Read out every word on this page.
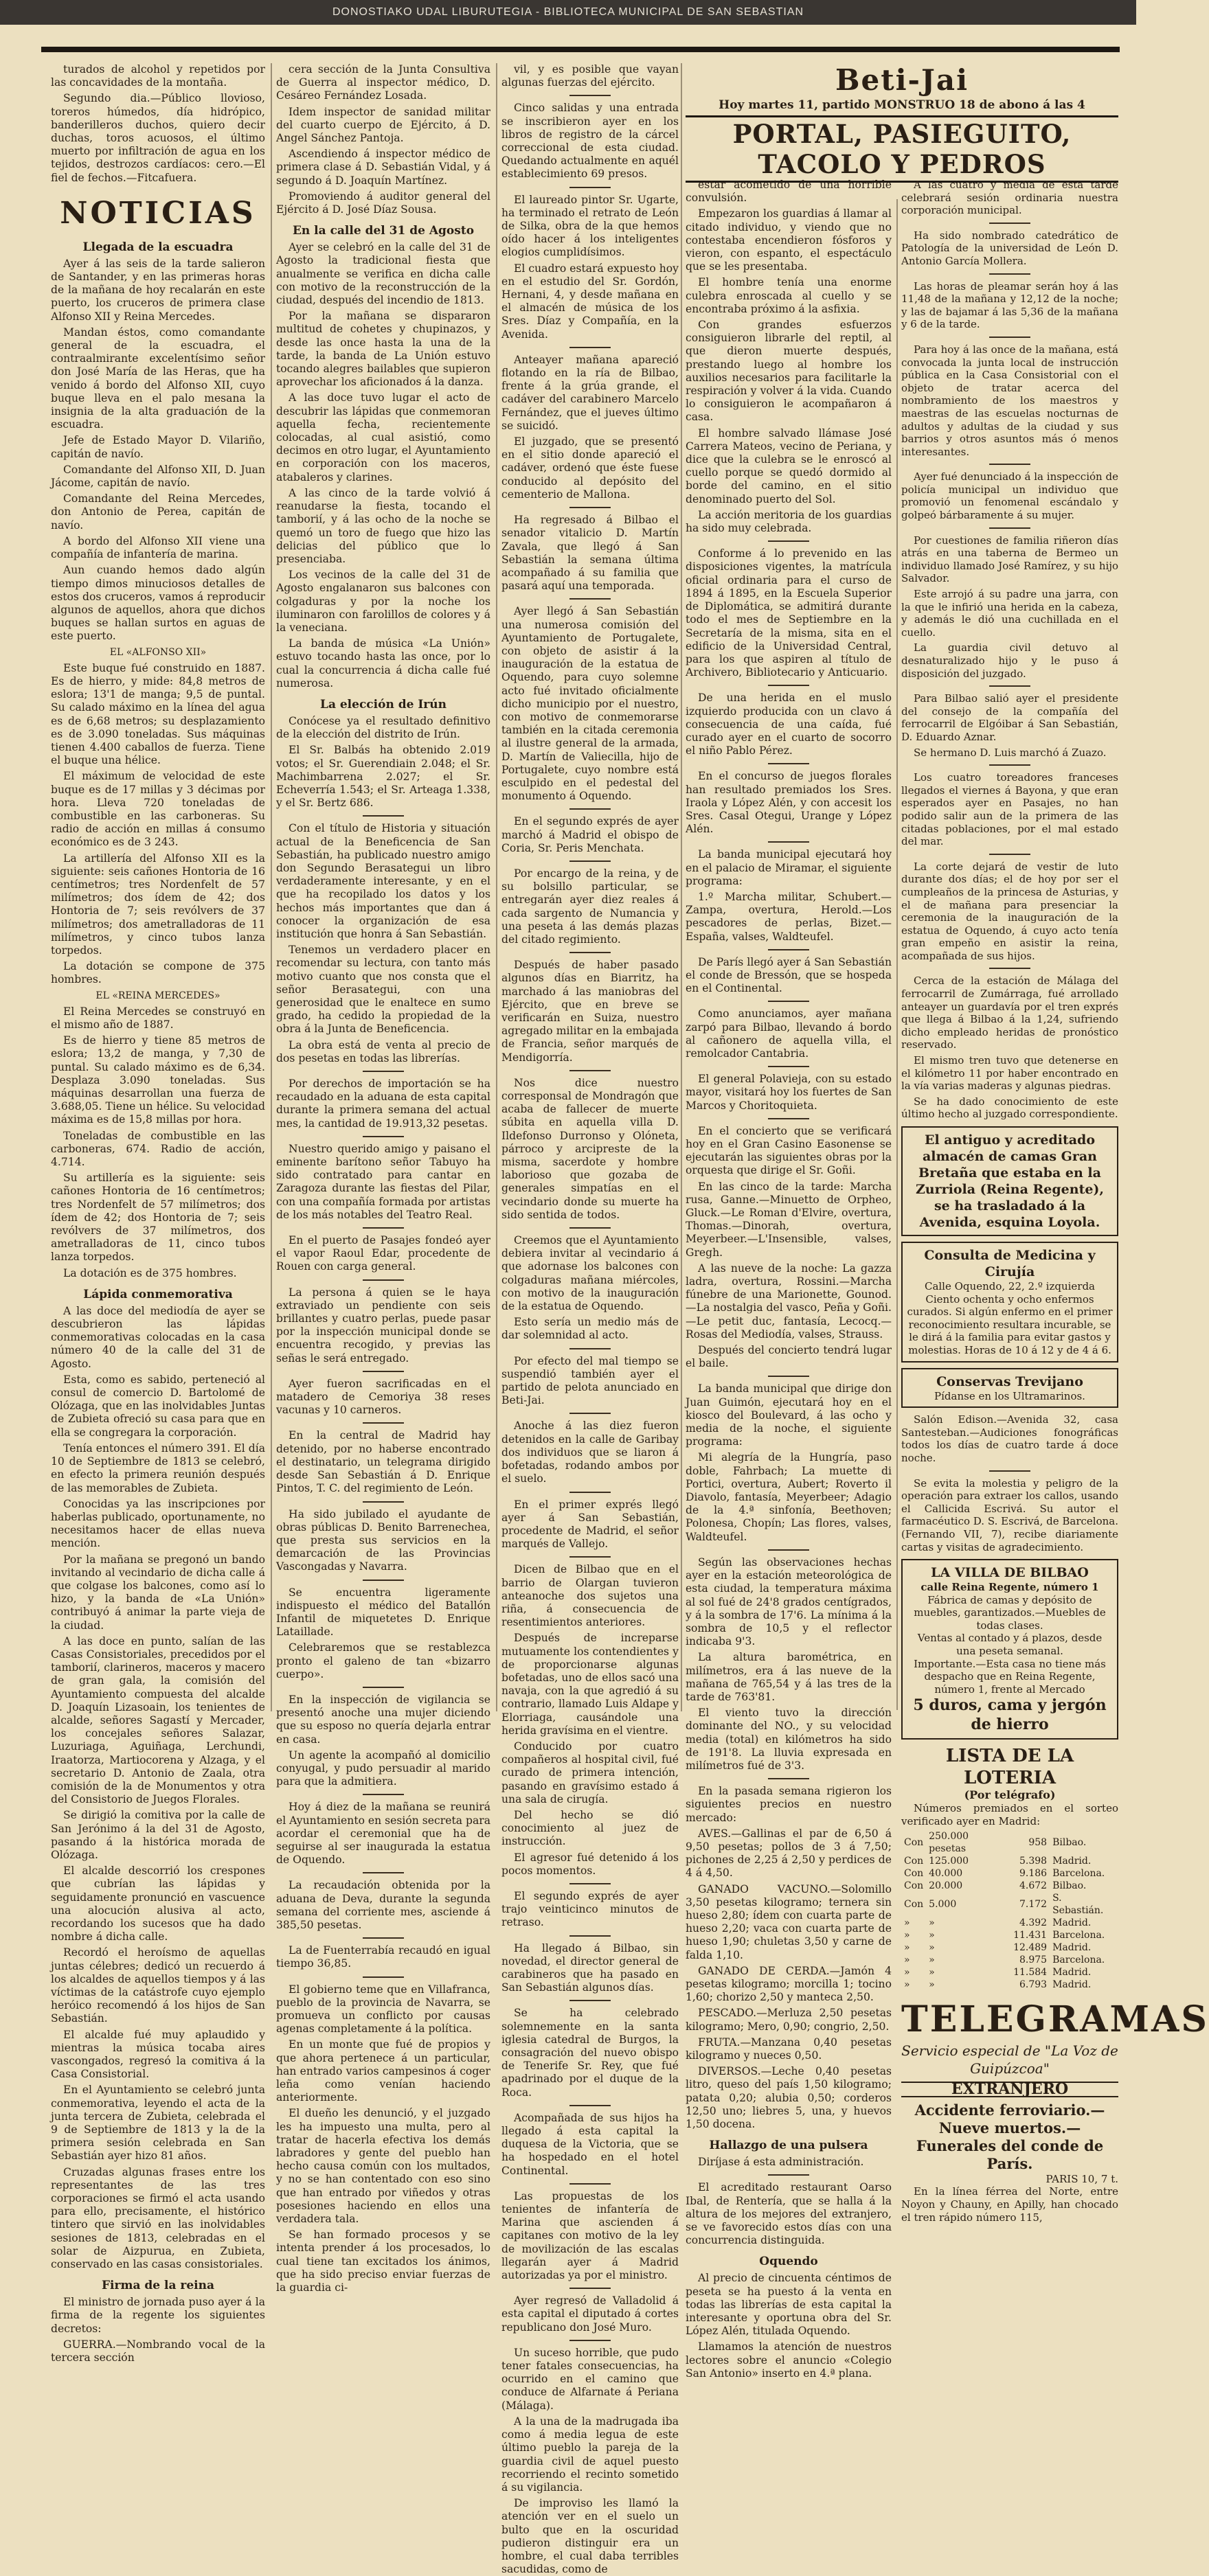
DONOSTIAKO UDAL LIBURUTEGIA - BIBLIOTECA MUNICIPAL DE SAN SEBASTIAN

turados de alcohol y repetidos por las concavidades de la montaña.

Segundo dia.—Público llovioso, toreros húmedos, día hidrópico, banderilleros duchos, quiero decir duchas, toros acuosos, el último muerto por infiltración de agua en los tejidos, destrozos cardíacos: cero.—El fiel de fechos.—Fitcafuera.

NOTICIAS
Llegada de la escuadra

Ayer á las seis de la tarde salieron de Santander, y en las primeras horas de la mañana de hoy recalarán en este puerto, los cruceros de primera clase Alfonso XII y Reina Mercedes.

Mandan éstos, como comandante general de la escuadra, el contraalmirante excelentísimo señor don José María de las Heras, que ha venido á bordo del Alfonso XII, cuyo buque lleva en el palo mesana la insignia de la alta graduación de la escuadra.

Jefe de Estado Mayor D. Vilariño, capitán de navío.

Comandante del Alfonso XII, D. Juan Jácome, capitán de navío.

Comandante del Reina Mercedes, don Antonio de Perea, capitán de navío.

A bordo del Alfonso XII viene una compañía de infantería de marina.

Aun cuando hemos dado algún tiempo dimos minuciosos detalles de estos dos cruceros, vamos á reproducir algunos de aquellos, ahora que dichos buques se hallan surtos en aguas de este puerto.

EL «ALFONSO XII»

Este buque fué construido en 1887. Es de hierro, y mide: 84,8 metros de eslora; 13'1 de manga; 9,5 de puntal. Su calado máximo en la línea del agua es de 6,68 metros; su desplazamiento es de 3.090 toneladas. Sus máquinas tienen 4.400 caballos de fuerza. Tiene el buque una hélice.

El máximum de velocidad de este buque es de 17 millas y 3 décimas por hora. Lleva 720 toneladas de combustible en las carboneras. Su radio de acción en millas á consumo económico es de 3 243.

La artillería del Alfonso XII es la siguiente: seis cañones Hontoria de 16 centímetros; tres Nordenfelt de 57 milímetros; dos ídem de 42; dos Hontoria de 7; seis revólvers de 37 milímetros; dos ametralladoras de 11 milímetros, y cinco tubos lanza torpedos.

La dotación se compone de 375 hombres.

EL «REINA MERCEDES»

El Reina Mercedes se construyó en el mismo año de 1887.

Es de hierro y tiene 85 metros de eslora; 13,2 de manga, y 7,30 de puntal. Su calado máximo es de 6,34. Desplaza 3.090 toneladas. Sus máquinas desarrollan una fuerza de 3.688,05. Tiene un hélice. Su velocidad máxima es de 15,8 millas por hora.

Toneladas de combustible en las carboneras, 674. Radio de acción, 4.714.

Su artillería es la siguiente: seis cañones Hontoria de 16 centímetros; tres Nordenfelt de 57 milímetros; dos ídem de 42; dos Hontoria de 7; seis revólvers de 37 milímetros, dos ametralladoras de 11, cinco tubos lanza torpedos.

La dotación es de 375 hombres.

Lápida conmemorativa

A las doce del mediodía de ayer se descubrieron las lápidas conmemorativas colocadas en la casa número 40 de la calle del 31 de Agosto.

Esta, como es sabido, perteneció al consul de comercio D. Bartolomé de Olózaga, que en las inolvidables Juntas de Zubieta ofreció su casa para que en ella se congregara la corporación.

Tenía entonces el número 391. El día 10 de Septiembre de 1813 se celebró, en efecto la primera reunión después de las memorables de Zubieta.

Conocidas ya las inscripciones por haberlas publicado, oportunamente, no necesitamos hacer de ellas nueva mención.

Por la mañana se pregonó un bando invitando al vecindario de dicha calle á que colgase los balcones, como así lo hizo, y la banda de «La Unión» contribuyó á animar la parte vieja de la ciudad.

A las doce en punto, salían de las Casas Consistoriales, precedidos por el tamborií, clarineros, maceros y macero de gran gala, la comisión del Ayuntamiento compuesta del alcalde D. Joaquín Lizasoain, los tenientes de alcalde, señores Sagastí y Mercader, los concejales señores Salazar, Luzuriaga, Aguiñaga, Lerchundi, Iraatorza, Martiocorena y Alzaga, y el secretario D. Antonio de Zaala, otra comisión de la de Monumentos y otra del Consistorio de Juegos Florales.

Se dirigió la comitiva por la calle de San Jerónimo á la del 31 de Agosto, pasando á la histórica morada de Olózaga.

El alcalde descorrió los crespones que cubrían las lápidas y seguidamente pronunció en vascuence una alocución alusiva al acto, recordando los sucesos que ha dado nombre á dicha calle.

Recordó el heroísmo de aquellas juntas célebres; dedicó un recuerdo á los alcaldes de aquellos tiempos y á las víctimas de la catástrofe cuyo ejemplo heróico recomendó á los hijos de San Sebastián.

El alcalde fué muy aplaudido y mientras la música tocaba aires vascongados, regresó la comitiva á la Casa Consistorial.

En el Ayuntamiento se celebró junta conmemorativa, leyendo el acta de la junta tercera de Zubieta, celebrada el 9 de Septiembre de 1813 y la de la primera sesión celebrada en San Sebastián ayer hizo 81 años.

Cruzadas algunas frases entre los representantes de las tres corporaciones se firmó el acta usando para ello, precisamente, el histórico tintero que sirvió en las inolvidables sesiones de 1813, celebradas en el solar de Aizpurua, en Zubieta, conservado en las casas consistoriales.

Firma de la reina

El ministro de jornada puso ayer á la firma de la regente los siguientes decretos:

GUERRA.—Nombrando vocal de la tercera sección

cera sección de la Junta Consultiva de Guerra al inspector médico, D. Cesáreo Fernández Losada.

Idem inspector de sanidad militar del cuarto cuerpo de Ejército, á D. Angel Sánchez Pantoja.

Ascendiendo á inspector médico de primera clase á D. Sebastián Vidal, y á segundo á D. Joaquín Martínez.

Promoviendo á auditor general del Ejército á D. José Díaz Sousa.

En la calle del 31 de Agosto

Ayer se celebró en la calle del 31 de Agosto la tradicional fiesta que anualmente se verifica en dicha calle con motivo de la reconstrucción de la ciudad, después del incendio de 1813.

Por la mañana se dispararon multitud de cohetes y chupinazos, y desde las once hasta la una de la tarde, la banda de La Unión estuvo tocando alegres bailables que supieron aprovechar los aficionados á la danza.

A las doce tuvo lugar el acto de descubrir las lápidas que conmemoran aquella fecha, recientemente colocadas, al cual asistió, como decimos en otro lugar, el Ayuntamiento en corporación con los maceros, atabaleros y clarines.

A las cinco de la tarde volvió á reanudarse la fiesta, tocando el tamborií, y á las ocho de la noche se quemó un toro de fuego que hizo las delicias del público que lo presenciaba.

Los vecinos de la calle del 31 de Agosto engalanaron sus balcones con colgaduras y por la noche los iluminaron con farolillos de colores y á la veneciana.

La banda de música «La Unión» estuvo tocando hasta las once, por lo cual la concurrencia á dicha calle fué numerosa.

La elección de Irún

Conócese ya el resultado definitivo de la elección del distrito de Irún.

El Sr. Balbás ha obtenido 2.019 votos; el Sr. Guerendiain 2.048; el Sr. Machimbarrena 2.027; el Sr. Echeverría 1.543; el Sr. Arteaga 1.338, y el Sr. Bertz 686.

Con el título de Historia y situación actual de la Beneficencia de San Sebastián, ha publicado nuestro amigo don Segundo Berasategui un libro verdaderamente interesante, y en el que ha recopilado los datos y los hechos más importantes que dan á conocer la organización de esa institución que honra á San Sebastián.

Tenemos un verdadero placer en recomendar su lectura, con tanto más motivo cuanto que nos consta que el señor Berasategui, con una generosidad que le enaltece en sumo grado, ha cedido la propiedad de la obra á la Junta de Beneficencia.

La obra está de venta al precio de dos pesetas en todas las librerías.

Por derechos de importación se ha recaudado en la aduana de esta capital durante la primera semana del actual mes, la cantidad de 19.913,32 pesetas.

Nuestro querido amigo y paisano el eminente barítono señor Tabuyo ha sido contratado para cantar en Zaragoza durante las fiestas del Pilar, con una compañía formada por artistas de los más notables del Teatro Real.

En el puerto de Pasajes fondeó ayer el vapor Raoul Edar, procedente de Rouen con carga general.

La persona á quien se le haya extraviado un pendiente con seis brillantes y cuatro perlas, puede pasar por la inspección municipal donde se encuentra recogido, y previas las señas le será entregado.

Ayer fueron sacrificadas en el matadero de Cemoriya 38 reses vacunas y 10 carneros.

En la central de Madrid hay detenido, por no haberse encontrado el destinatario, un telegrama dirigido desde San Sebastián á D. Enrique Pintos, T. C. del regimiento de León.

Ha sido jubilado el ayudante de obras públicas D. Benito Barrenechea, que presta sus servicios en la demarcación de las Provincias Vascongadas y Navarra.

Se encuentra ligeramente indispuesto el médico del Batallón Infantil de miquetetes D. Enrique Lataillade.

Celebraremos que se restablezca pronto el galeno de tan «bizarro cuerpo».

En la inspección de vigilancia se presentó anoche una mujer diciendo que su esposo no quería dejarla entrar en casa.

Un agente la acompañó al domicilio conyugal, y pudo persuadir al marido para que la admitiera.

Hoy á diez de la mañana se reunirá el Ayuntamiento en sesión secreta para acordar el ceremonial que ha de seguirse al ser inaugurada la estatua de Oquendo.

La recaudación obtenida por la aduana de Deva, durante la segunda semana del corriente mes, asciende á 385,50 pesetas.

La de Fuenterrabía recaudó en igual tiempo 36,85.

El gobierno teme que en Villafranca, pueblo de la provincia de Navarra, se promueva un conflicto por causas agenas completamente á la política.

En un monte que fué de propios y que ahora pertenece á un particular, han entrado varios campesinos á coger leña como venían haciendo anteriormente.

El dueño les denunció, y el juzgado les ha impuesto una multa, pero al tratar de hacerla efectiva los demás labradores y gente del pueblo han hecho causa común con los multados, y no se han contentado con eso sino que han entrado por viñedos y otras posesiones haciendo en ellos una verdadera tala.

Se han formado procesos y se intenta prender á los procesados, lo cual tiene tan excitados los ánimos, que ha sido preciso enviar fuerzas de la guardia ci-

vil, y es posible que vayan algunas fuerzas del ejército.

Cinco salidas y una entrada se inscribieron ayer en los libros de registro de la cárcel correccional de esta ciudad. Quedando actualmente en aquél establecimiento 69 presos.

El laureado pintor Sr. Ugarte, ha terminado el retrato de León de Silka, obra de la que hemos oído hacer á los inteligentes elogios cumplidísimos.

El cuadro estará expuesto hoy en el estudio del Sr. Gordón, Hernani, 4, y desde mañana en el almacén de música de los Sres. Díaz y Compañía, en la Avenida.

Anteayer mañana apareció flotando en la ría de Bilbao, frente á la grúa grande, el cadáver del carabinero Marcelo Fernández, que el jueves último se suicidó.

El juzgado, que se presentó en el sitio donde apareció el cadáver, ordenó que éste fuese conducido al depósito del cementerio de Mallona.

Ha regresado á Bilbao el senador vitalicio D. Martín Zavala, que llegó á San Sebastián la semana última acompañado á su familia que pasará aquí una temporada.

Ayer llegó á San Sebastián una numerosa comisión del Ayuntamiento de Portugalete, con objeto de asistir á la inauguración de la estatua de Oquendo, para cuyo solemne acto fué invitado oficialmente dicho municipio por el nuestro, con motivo de conmemorarse también en la citada ceremonia al ilustre general de la armada, D. Martín de Valiecilla, hijo de Portugalete, cuyo nombre está esculpido en el pedestal del monumento á Oquendo.

En el segundo exprés de ayer marchó á Madrid el obispo de Coria, Sr. Peris Menchata.

Por encargo de la reina, y de su bolsillo particular, se entregarán ayer diez reales á cada sargento de Numancia y una peseta á las demás plazas del citado regimiento.

Después de haber pasado algunos días en Biarritz, ha marchado á las maniobras del Ejército, que en breve se verificarán en Suiza, nuestro agregado militar en la embajada de Francia, señor marqués de Mendigorría.

Nos dice nuestro corresponsal de Mondragón que acaba de fallecer de muerte súbita en aquella villa D. Ildefonso Durronso y Olóneta, párroco y arcipreste de la misma, sacerdote y hombre laborioso que gozaba de generales simpatías en el vecindario donde su muerte ha sido sentida de todos.

Creemos que el Ayuntamiento debiera invitar al vecindario á que adornase los balcones con colgaduras mañana miércoles, con motivo de la inauguración de la estatua de Oquendo.

Esto sería un medio más de dar solemnidad al acto.

Por efecto del mal tiempo se suspendió también ayer el partido de pelota anunciado en Beti-Jai.

Anoche á las diez fueron detenidos en la calle de Garibay dos individuos que se liaron á bofetadas, rodando ambos por el suelo.

En el primer exprés llegó ayer á San Sebastián, procedente de Madrid, el señor marqués de Vallejo.

Dicen de Bilbao que en el barrio de Olargan tuvieron anteanoche dos sujetos una riña, á consecuencia de resentimientos anteriores.

Después de increparse mutuamente los contendientes y de proporcionarse algunas bofetadas, uno de ellos sacó una navaja, con la que agredió á su contrario, llamado Luis Aldape y Elorriaga, causándole una herida gravísima en el vientre.

Conducido por cuatro compañeros al hospital civil, fué curado de primera intención, pasando en gravísimo estado á una sala de cirugía.

Del hecho se dió conocimiento al juez de instrucción.

El agresor fué detenido á los pocos momentos.

El segundo exprés de ayer trajo veinticinco minutos de retraso.

Ha llegado á Bilbao, sin novedad, el director general de carabineros que ha pasado en San Sebastián algunos días.

Se ha celebrado solemnemente en la santa iglesia catedral de Burgos, la consagración del nuevo obispo de Tenerife Sr. Rey, que fué apadrinado por el duque de la Roca.

Acompañada de sus hijos ha llegado á esta capital la duquesa de la Victoria, que se ha hospedado en el hotel Continental.

Las propuestas de los tenientes de infantería de Marina que ascienden á capitanes con motivo de la ley de movilización de las escalas llegarán ayer á Madrid autorizadas ya por el ministro.

Ayer regresó de Valladolid á esta capital el diputado á cortes republicano don José Muro.

Un suceso horrible, que pudo tener fatales consecuencias, ha ocurrido en el camino que conduce de Alfarnate á Periana (Málaga).

A la una de la madrugada iba como á media legua de este último pueblo la pareja de la guardia civil de aquel puesto recorriendo el recinto sometido á su vigilancia.

De improviso les llamó la atención ver en el suelo un bulto que en la oscuridad pudieron distinguir era un hombre, el cual daba terribles sacudidas, como de

Beti-Jai
Hoy martes 11, partido MONSTRUO 18 de abono á las 4
PORTAL, PASIEGUITO, TACOLO Y PEDROS

estar acometido de una horrible convulsión.

Empezaron los guardias á llamar al citado individuo, y viendo que no contestaba encendieron fósforos y vieron, con espanto, el espectáculo que se les presentaba.

El hombre tenía una enorme culebra enroscada al cuello y se encontraba próximo á la asfixia.

Con grandes esfuerzos consiguieron librarle del reptil, al que dieron muerte después, prestando luego al hombre los auxilios necesarios para facilitarle la respiración y volver á la vida. Cuando lo consiguieron le acompañaron á casa.

El hombre salvado llámase José Carrera Mateos, vecino de Periana, y dice que la culebra se le enroscó al cuello porque se quedó dormido al borde del camino, en el sitio denominado puerto del Sol.

La acción meritoria de los guardias ha sido muy celebrada.

Conforme á lo prevenido en las disposiciones vigentes, la matrícula oficial ordinaria para el curso de 1894 á 1895, en la Escuela Superior de Diplomática, se admitirá durante todo el mes de Septiembre en la Secretaría de la misma, sita en el edificio de la Universidad Central, para los que aspiren al título de Archivero, Bibliotecario y Anticuario.

De una herida en el muslo izquierdo producida con un clavo á consecuencia de una caída, fué curado ayer en el cuarto de socorro el niño Pablo Pérez.

En el concurso de juegos florales han resultado premiados los Sres. Iraola y López Alén, y con accesit los Sres. Casal Otegui, Urange y López Alén.

La banda municipal ejecutará hoy en el palacio de Miramar, el siguiente programa:

1.º Marcha militar, Schubert.—Zampa, overtura, Herold.—Los pescadores de perlas, Bizet.—España, valses, Waldteufel.

De París llegó ayer á San Sebastián el conde de Bressón, que se hospeda en el Continental.

Como anunciamos, ayer mañana zarpó para Bilbao, llevando á bordo al cañonero de aquella villa, el remolcador Cantabria.

El general Polavieja, con su estado mayor, visitará hoy los fuertes de San Marcos y Choritoquieta.

En el concierto que se verificará hoy en el Gran Casino Easonense se ejecutarán las siguientes obras por la orquesta que dirige el Sr. Goñi.

En las cinco de la tarde: Marcha rusa, Ganne.—Minuetto de Orpheo, Gluck.—Le Roman d'Elvire, overtura, Thomas.—Dinorah, overtura, Meyerbeer.—L'Insensible, valses, Gregh.

A las nueve de la noche: La gazza ladra, overtura, Rossini.—Marcha fúnebre de una Marionette, Gounod.—La nostalgia del vasco, Peña y Goñi.—Le petit duc, fantasía, Lecocq.—Rosas del Mediodía, valses, Strauss.

Después del concierto tendrá lugar el baile.

La banda municipal que dirige don Juan Guimón, ejecutará hoy en el kiosco del Boulevard, á las ocho y media de la noche, el siguiente programa:

Mi alegría de la Hungría, paso doble, Fahrbach; La muette di Portici, overtura, Aubert; Roverto il Diavolo, fantasía, Meyerbeer; Adagio de la 4.ª sinfonía, Beethoven; Polonesa, Chopín; Las flores, valses, Waldteufel.

Según las observaciones hechas ayer en la estación meteorológica de esta ciudad, la temperatura máxima al sol fué de 24'8 grados centígrados, y á la sombra de 17'6. La mínima á la sombra de 10,5 y el reflector indicaba 9'3.

La altura barométrica, en milímetros, era á las nueve de la mañana de 765,54 y á las tres de la tarde de 763'81.

El viento tuvo la dirección dominante del NO., y su velocidad media (total) en kilómetros ha sido de 191'8. La lluvia expresada en milímetros fué de 3'3.

En la pasada semana rigieron los siguientes precios en nuestro mercado:

AVES.—Gallinas el par de 6,50 á 9,50 pesetas; pollos de 3 á 7,50; pichones de 2,25 á 2,50 y perdices de 4 á 4,50.

GANADO VACUNO.—Solomillo 3,50 pesetas kilogramo; ternera sin hueso 2,80; ídem con cuarta parte de hueso 2,20; vaca con cuarta parte de hueso 1,90; chuletas 3,50 y carne de falda 1,10.

GANADO DE CERDA.—Jamón 4 pesetas kilogramo; morcilla 1; tocino 1,60; chorizo 2,50 y manteca 2,50.

PESCADO.—Merluza 2,50 pesetas kilogramo; Mero, 0,90; congrio, 2,50.

FRUTA.—Manzana 0,40 pesetas kilogramo y nueces 0,50.

DIVERSOS.—Leche 0,40 pesetas litro, queso del país 1,50 kilogramo; patata 0,20; alubia 0,50; corderos 12,50 uno; liebres 5, una, y huevos 1,50 docena.

Hallazgo de una pulsera

Diríjase á esta administración.

El acreditado restaurant Oarso Ibal, de Rentería, que se halla á la altura de los mejores del extranjero, se ve favorecido estos días con una concurrencia distinguida.

Oquendo

Al precio de cincuenta céntimos de peseta se ha puesto á la venta en todas las librerías de esta capital la interesante y oportuna obra del Sr. López Alén, titulada Oquendo.

Llamamos la atención de nuestros lectores sobre el anuncio «Colegio San Antonio» inserto en 4.ª plana.

A las cuatro y media de esta tarde celebrará sesión ordinaria nuestra corporación municipal.

Ha sido nombrado catedrático de Patología de la universidad de León D. Antonio García Mollera.

Las horas de pleamar serán hoy á las 11,48 de la mañana y 12,12 de la noche; y las de bajamar á las 5,36 de la mañana y 6 de la tarde.

Para hoy á las once de la mañana, está convocada la junta local de instrucción pública en la Casa Consistorial con el objeto de tratar acerca del nombramiento de los maestros y maestras de las escuelas nocturnas de adultos y adultas de la ciudad y sus barrios y otros asuntos más ó menos interesantes.

Ayer fué denunciado á la inspección de policía municipal un individuo que promovió un fenomenal escándalo y golpeó bárbaramente á su mujer.

Por cuestiones de familia riñeron días atrás en una taberna de Bermeo un individuo llamado José Ramírez, y su hijo Salvador.

Este arrojó á su padre una jarra, con la que le infirió una herida en la cabeza, y además le dió una cuchillada en el cuello.

La guardia civil detuvo al desnaturalizado hijo y le puso á disposición del juzgado.

Para Bilbao salió ayer el presidente del consejo de la compañía del ferrocarril de Elgóibar á San Sebastián, D. Eduardo Aznar.

Se hermano D. Luis marchó á Zuazo.

Los cuatro toreadores franceses llegados el viernes á Bayona, y que eran esperados ayer en Pasajes, no han podido salir aun de la primera de las citadas poblaciones, por el mal estado del mar.

La corte dejará de vestir de luto durante dos días; el de hoy por ser el cumpleaños de la princesa de Asturias, y el de mañana para presenciar la ceremonia de la inauguración de la estatua de Oquendo, á cuyo acto tenía gran empeño en asistir la reina, acompañada de sus hijos.

Cerca de la estación de Málaga del ferrocarril de Zumárraga, fué arrollado anteayer un guardavía por el tren exprés que llega á Bilbao á la 1,24, sufriendo dicho empleado heridas de pronóstico reservado.

El mismo tren tuvo que detenerse en el kilómetro 11 por haber encontrado en la vía varias maderas y algunas piedras.

Se ha dado conocimiento de este último hecho al juzgado correspondiente.

El antiguo y acreditado almacén de camas Gran Bretaña que estaba en la Zurriola (Reina Regente), se ha trasladado á la Avenida, esquina Loyola.
Consulta de Medicina y Cirujía
Calle Oquendo, 22, 2.º izquierda
Ciento ochenta y ocho enfermos curados. Si algún enfermo en el primer reconocimiento resultara incurable, se le dirá á la familia para evitar gastos y molestias. Horas de 10 á 12 y de 4 á 6.
Conservas Trevijano
Pídanse en los Ultramarinos.

Salón Edison.—Avenida 32, casa Santesteban.—Audiciones fonográficas todos los días de cuatro tarde á doce noche.

Se evita la molestia y peligro de la operación para extraer los callos, usando el Callicida Escrivá. Su autor el farmacéutico D. S. Escrivá, de Barcelona. (Fernando VII, 7), recibe diariamente cartas y visitas de agradecimiento.

LA VILLA DE BILBAO
calle Reina Regente, número 1
Fábrica de camas y depósito de muebles, garantizados.—Muebles de todas clases.
Ventas al contado y á plazos, desde una peseta semanal.
Importante.—Esta casa no tiene más despacho que en Reina Regente, número 1, frente al Mercado
5 duros, cama y jergón de hierro
LISTA DE LA LOTERIA
(Por telégrafo)

Números premiados en el sorteo verificado ayer en Madrid:

Con	250.000 pesetas	958	Bilbao.
Con	125.000	5.398	Madrid.
Con	40.000	9.186	Barcelona.
Con	20.000	4.672	Bilbao.
Con	5.000	7.172	S. Sebastián.
»	»	4.392	Madrid.
»	»	11.431	Barcelona.
»	»	12.489	Madrid.
»	»	8.975	Barcelona.
»	»	11.584	Madrid.
»	»	6.793	Madrid.
TELEGRAMAS
Servicio especial de "La Voz de Guipúzcoa"
EXTRANJERO
Accidente ferroviario.— Nueve muertos.—Funerales del conde de París.
PARIS 10, 7 t.

En la línea férrea del Norte, entre Noyon y Chauny, en Apilly, han chocado el tren rápido número 115,
